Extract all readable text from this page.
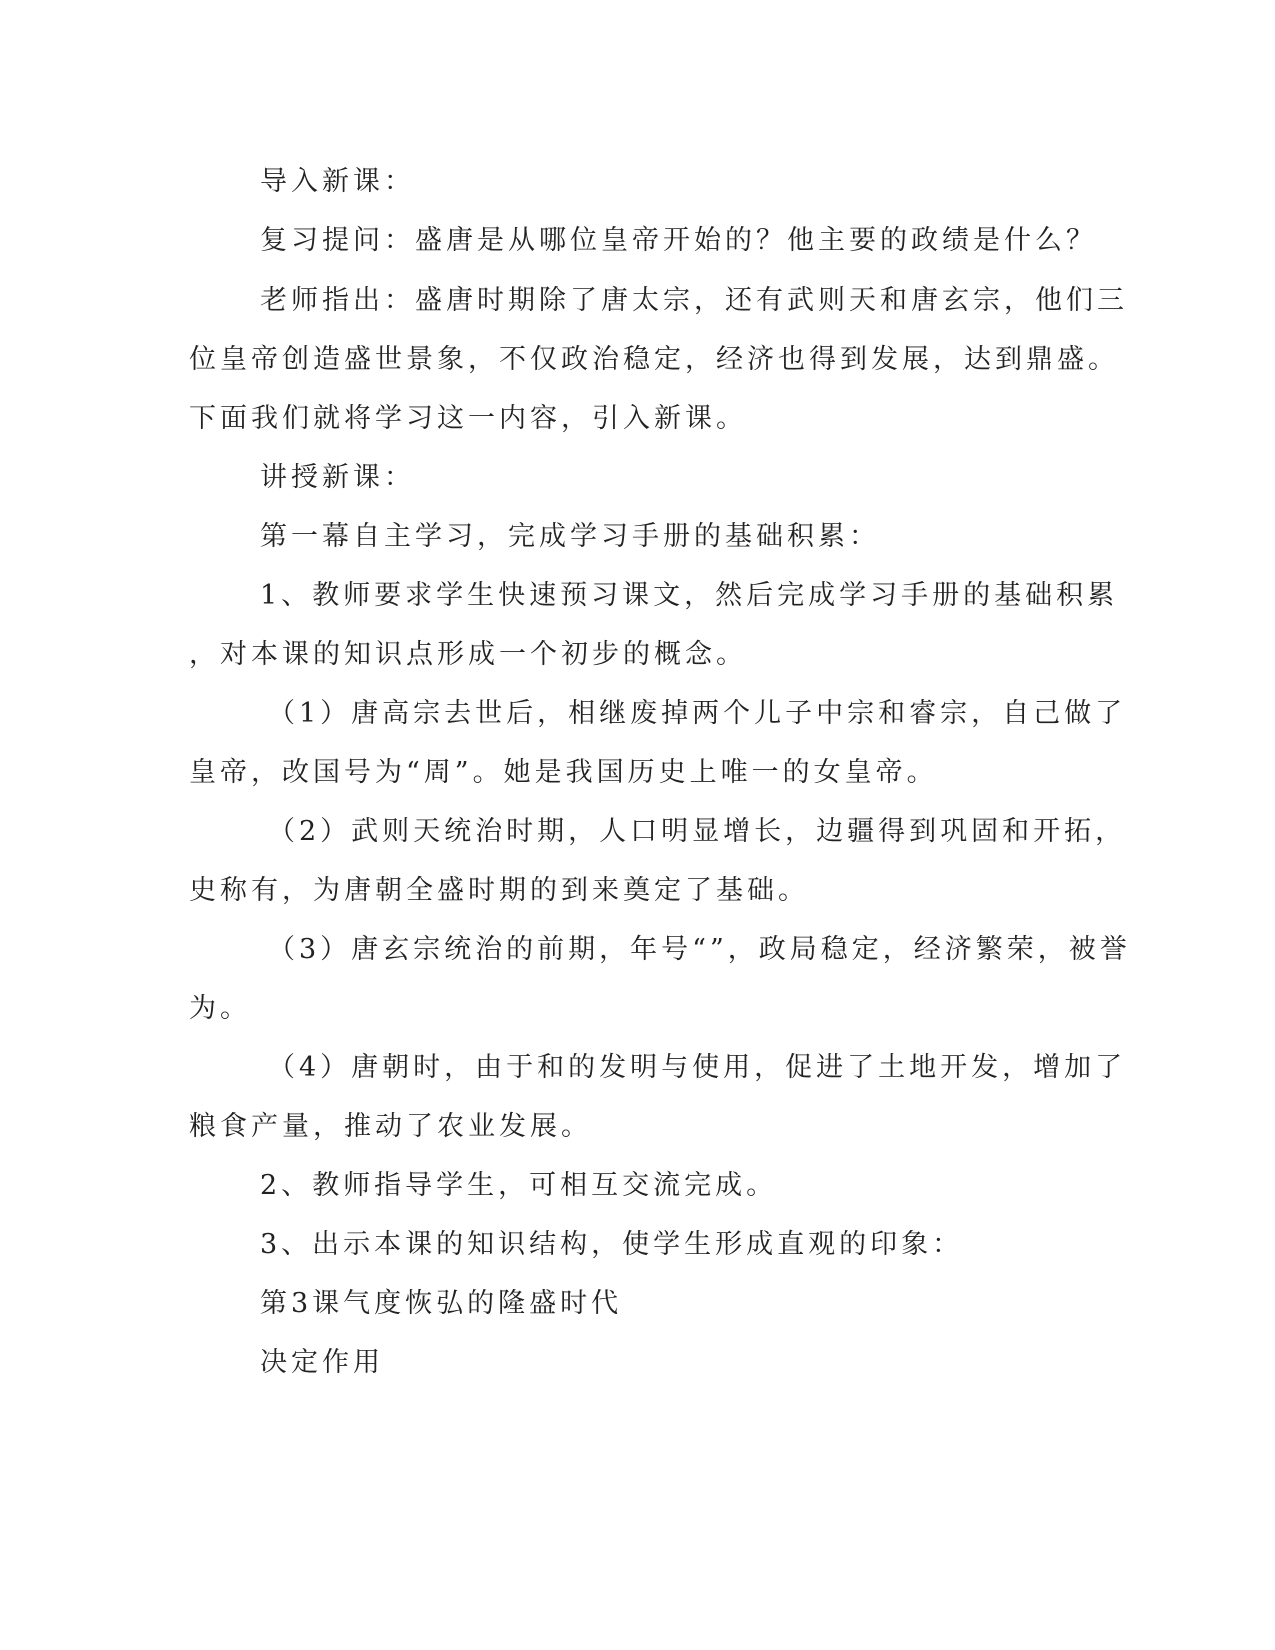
导入新课：
复习提问：盛唐是从哪位皇帝开始的？他主要的政绩是什么？
老师指出：盛唐时期除了唐太宗，还有武则天和唐玄宗，他们三
位皇帝创造盛世景象，不仅政治稳定，经济也得到发展，达到鼎盛。
下面我们就将学习这一内容，引入新课。
讲授新课：
第一幕自主学习，完成学习手册的基础积累：
1、教师要求学生快速预习课文，然后完成学习手册的基础积累
，对本课的知识点形成一个初步的概念。
（1）唐高宗去世后，相继废掉两个儿子中宗和睿宗，自己做了
皇帝，改国号为“周”。她是我国历史上唯一的女皇帝。
（2）武则天统治时期，人口明显增长，边疆得到巩固和开拓，
史称有，为唐朝全盛时期的到来奠定了基础。
（3）唐玄宗统治的前期，年号“”，政局稳定，经济繁荣，被誉
为。
（4）唐朝时，由于和的发明与使用，促进了土地开发，增加了
粮食产量，推动了农业发展。
2、教师指导学生，可相互交流完成。
3、出示本课的知识结构，使学生形成直观的印象：
第3课气度恢弘的隆盛时代
决定作用
